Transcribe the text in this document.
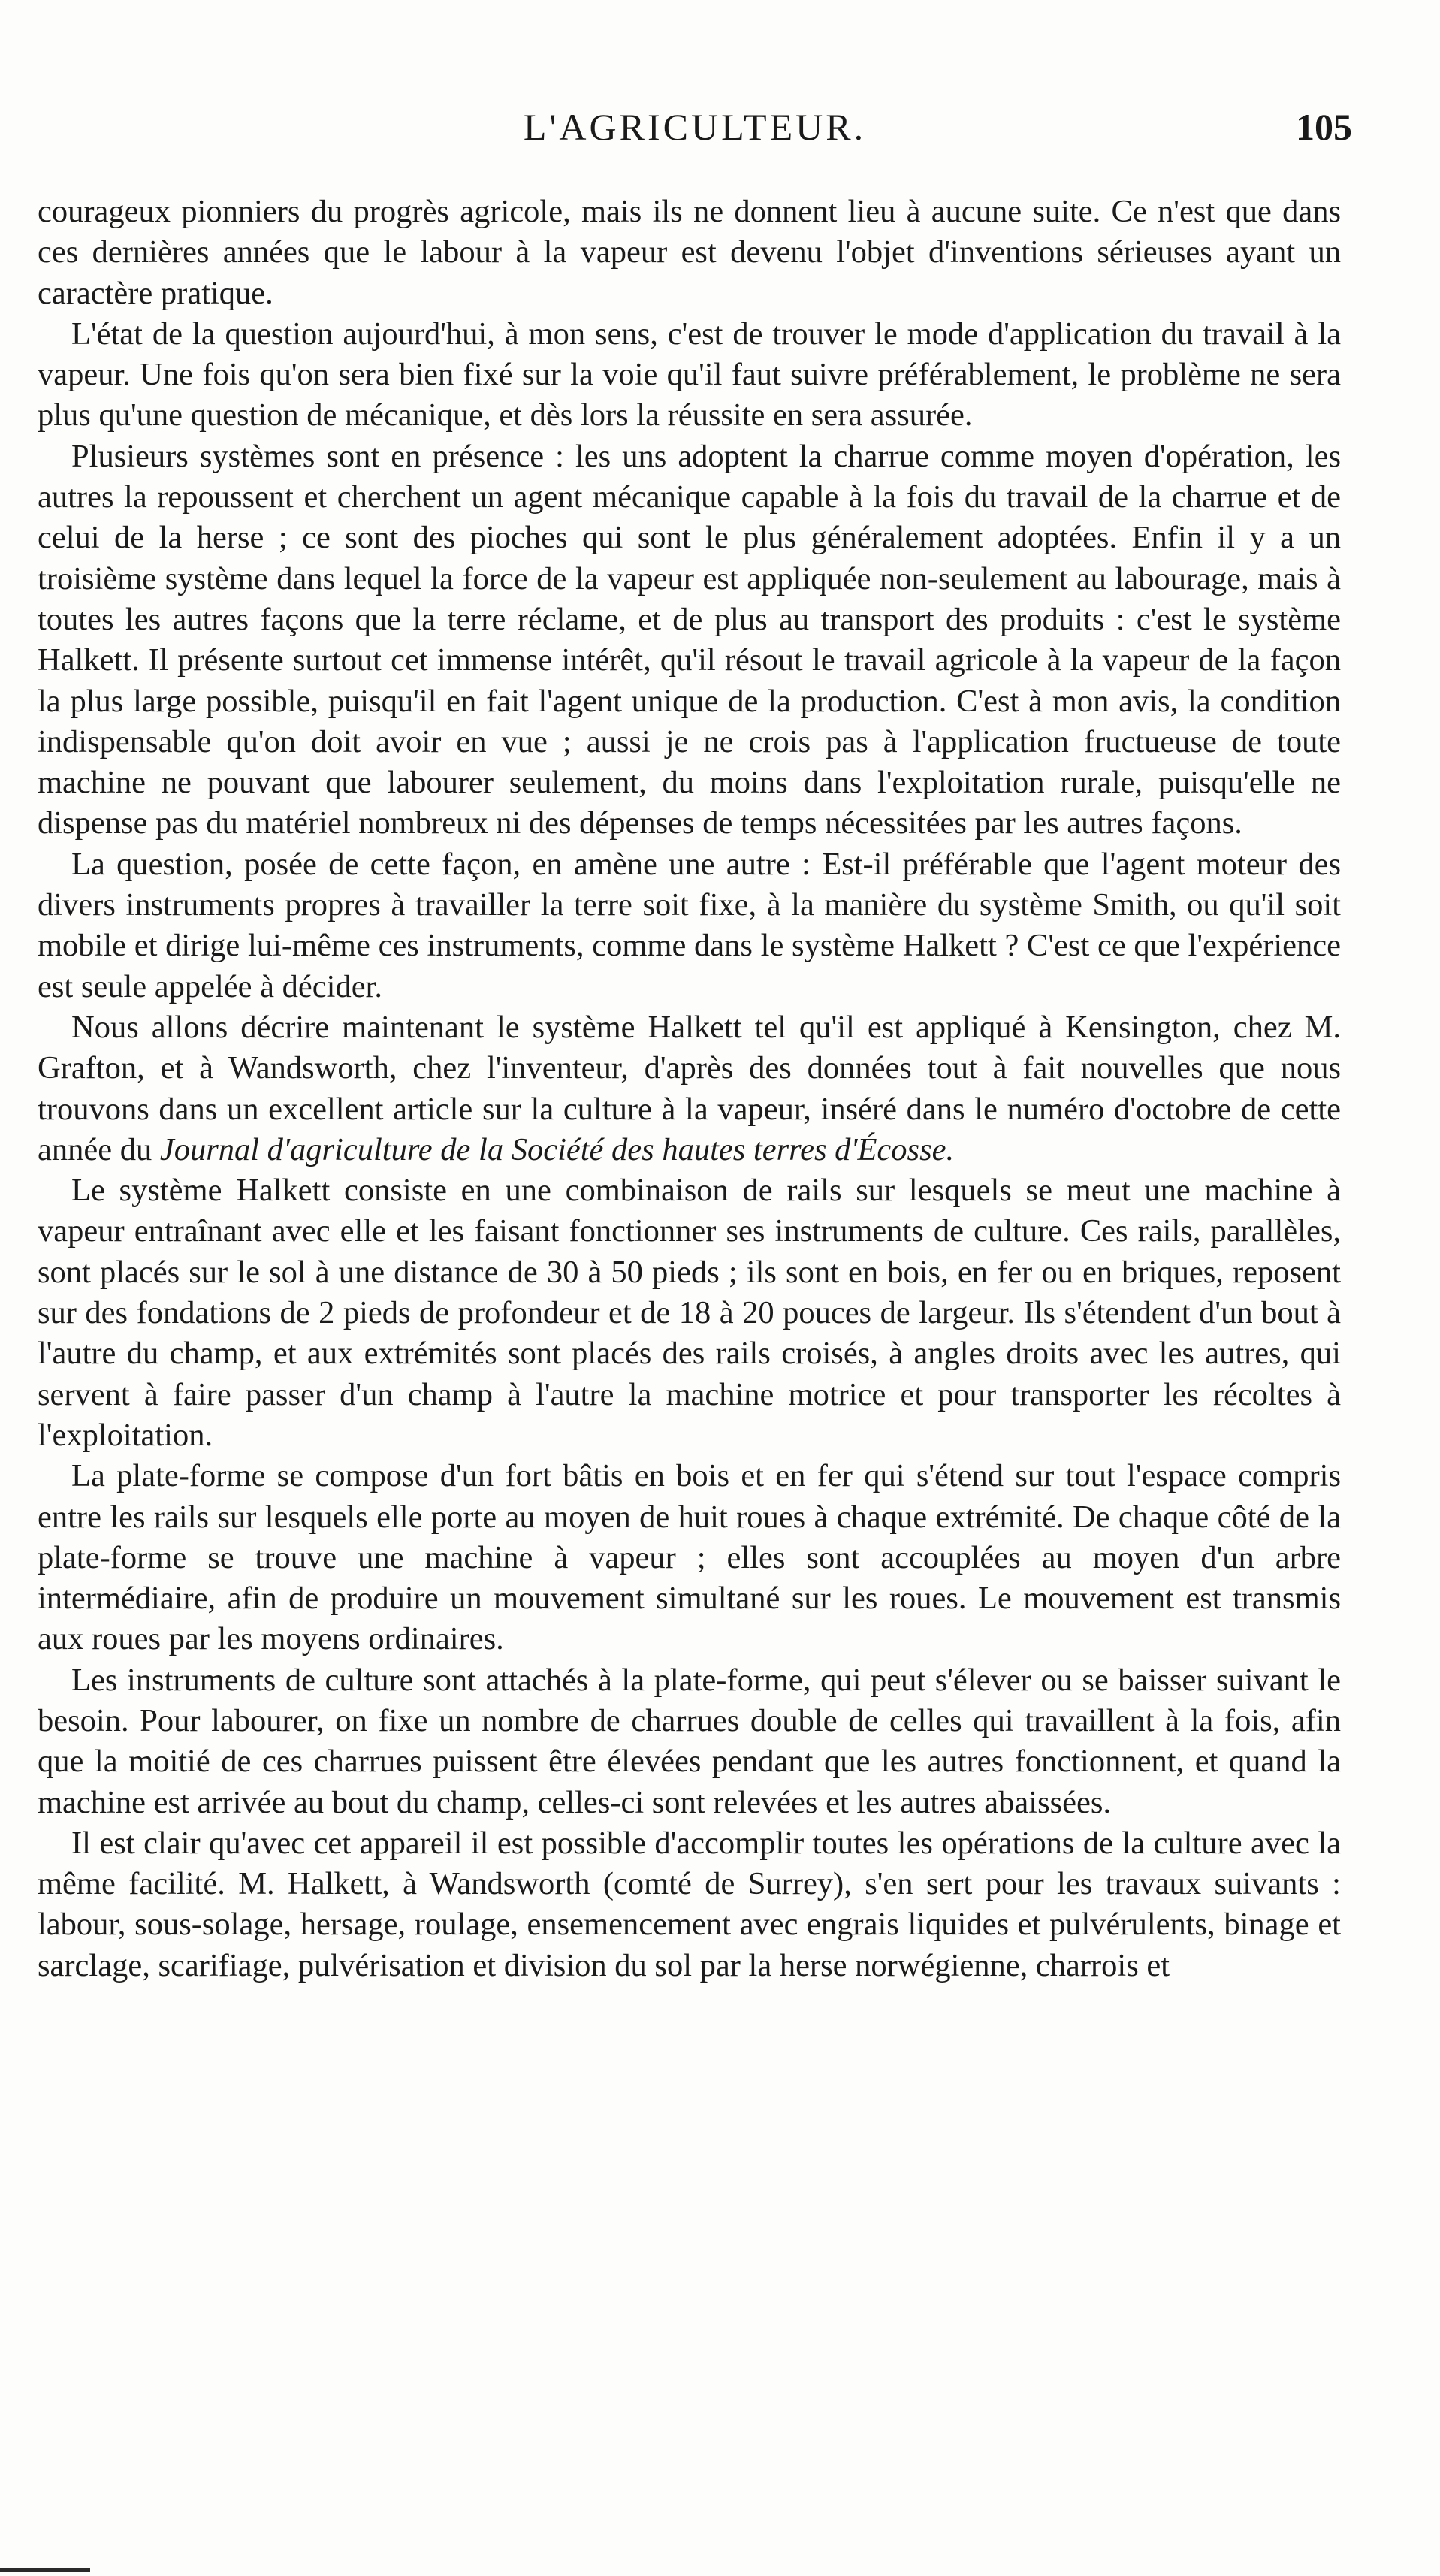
L'AGRICULTEUR.	105

courageux pionniers du progrès agricole, mais ils ne donnent lieu à aucune suite. Ce n'est que dans ces dernières années que le labour à la vapeur est devenu l'objet d'inventions sérieuses ayant un caractère pratique.

L'état de la question aujourd'hui, à mon sens, c'est de trouver le mode d'application du travail à la vapeur. Une fois qu'on sera bien fixé sur la voie qu'il faut suivre préférablement, le problème ne sera plus qu'une question de mécanique, et dès lors la réussite en sera assurée.

Plusieurs systèmes sont en présence : les uns adoptent la charrue comme moyen d'opération, les autres la repoussent et cherchent un agent mécanique capable à la fois du travail de la charrue et de celui de la herse ; ce sont des pioches qui sont le plus généralement adoptées. Enfin il y a un troisième système dans lequel la force de la vapeur est appliquée non-seulement au labourage, mais à toutes les autres façons que la terre réclame, et de plus au transport des produits : c'est le système Halkett. Il présente surtout cet immense intérêt, qu'il résout le travail agricole à la vapeur de la façon la plus large possible, puisqu'il en fait l'agent unique de la production. C'est à mon avis, la condition indispensable qu'on doit avoir en vue ; aussi je ne crois pas à l'application fructueuse de toute machine ne pouvant que labourer seulement, du moins dans l'exploitation rurale, puisqu'elle ne dispense pas du matériel nombreux ni des dépenses de temps nécessitées par les autres façons.

La question, posée de cette façon, en amène une autre : Est-il préférable que l'agent moteur des divers instruments propres à travailler la terre soit fixe, à la manière du système Smith, ou qu'il soit mobile et dirige lui-même ces instruments, comme dans le système Halkett ? C'est ce que l'expérience est seule appelée à décider.

Nous allons décrire maintenant le système Halkett tel qu'il est appliqué à Kensington, chez M. Grafton, et à Wandsworth, chez l'inventeur, d'après des données tout à fait nouvelles que nous trouvons dans un excellent article sur la culture à la vapeur, inséré dans le numéro d'octobre de cette année du Journal d'agriculture de la Société des hautes terres d'Écosse.

Le système Halkett consiste en une combinaison de rails sur lesquels se meut une machine à vapeur entraînant avec elle et les faisant fonctionner ses instruments de culture. Ces rails, parallèles, sont placés sur le sol à une distance de 30 à 50 pieds ; ils sont en bois, en fer ou en briques, reposent sur des fondations de 2 pieds de profondeur et de 18 à 20 pouces de largeur. Ils s'étendent d'un bout à l'autre du champ, et aux extrémités sont placés des rails croisés, à angles droits avec les autres, qui servent à faire passer d'un champ à l'autre la machine motrice et pour transporter les récoltes à l'exploitation.

La plate-forme se compose d'un fort bâtis en bois et en fer qui s'étend sur tout l'espace compris entre les rails sur lesquels elle porte au moyen de huit roues à chaque extrémité. De chaque côté de la plate-forme se trouve une machine à vapeur ; elles sont accouplées au moyen d'un arbre intermédiaire, afin de produire un mouvement simultané sur les roues. Le mouvement est transmis aux roues par les moyens ordinaires.

Les instruments de culture sont attachés à la plate-forme, qui peut s'élever ou se baisser suivant le besoin. Pour labourer, on fixe un nombre de charrues double de celles qui travaillent à la fois, afin que la moitié de ces charrues puissent être élevées pendant que les autres fonctionnent, et quand la machine est arrivée au bout du champ, celles-ci sont relevées et les autres abaissées.

Il est clair qu'avec cet appareil il est possible d'accomplir toutes les opérations de la culture avec la même facilité. M. Halkett, à Wandsworth (comté de Surrey), s'en sert pour les travaux suivants : labour, sous-solage, hersage, roulage, ensemencement avec engrais liquides et pulvérulents, binage et sarclage, scarifiage, pulvérisation et division du sol par la herse norwégienne, charrois et
